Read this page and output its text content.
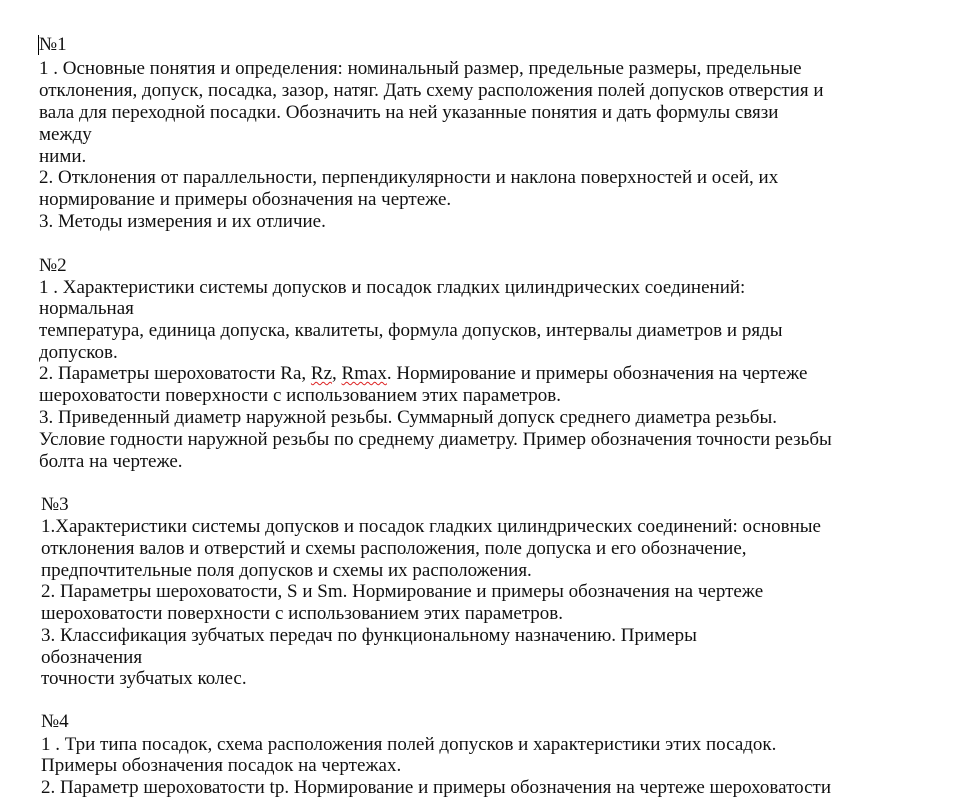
№1
1 . Основные понятия и определения: номинальный размер, предельные размеры, предельные
отклонения, допуск, посадка, зазор, натяг. Дать схему расположения полей допусков отверстия и
вала для переходной посадки. Обозначить на ней указанные понятия и дать формулы связи
между
ними.
2. Отклонения от параллельности, перпендикулярности и наклона поверхностей и осей, их
нормирование и примеры обозначения на чертеже.
3. Методы измерения и их отличие.
№2
1 . Характеристики системы допусков и посадок гладких цилиндрических соединений:
нормальная
температура, единица допуска, квалитеты, формула допусков, интервалы диаметров и ряды
допусков.
2. Параметры шероховатости Ra, Rz, Rmax. Нормирование и примеры обозначения на чертеже
шероховатости поверхности с использованием этих параметров.
3. Приведенный диаметр наружной резьбы. Суммарный допуск среднего диаметра резьбы.
Условие годности наружной резьбы по среднему диаметру. Пример обозначения точности резьбы
болта на чертеже.
№3
1.Характеристики системы допусков и посадок гладких цилиндрических соединений: основные
отклонения валов и отверстий и схемы расположения, поле допуска и его обозначение,
предпочтительные поля допусков и схемы их расположения.
2. Параметры шероховатости, S и Sm. Нормирование и примеры обозначения на чертеже
шероховатости поверхности с использованием этих параметров.
3. Классификация зубчатых передач по функциональному назначению. Примеры
обозначения
точности зубчатых колес.
№4
1 . Три типа посадок, схема расположения полей допусков и характеристики этих посадок.
Примеры обозначения посадок на чертежах.
2. Параметр шероховатости tp. Нормирование и примеры обозначения на чертеже шероховатости
